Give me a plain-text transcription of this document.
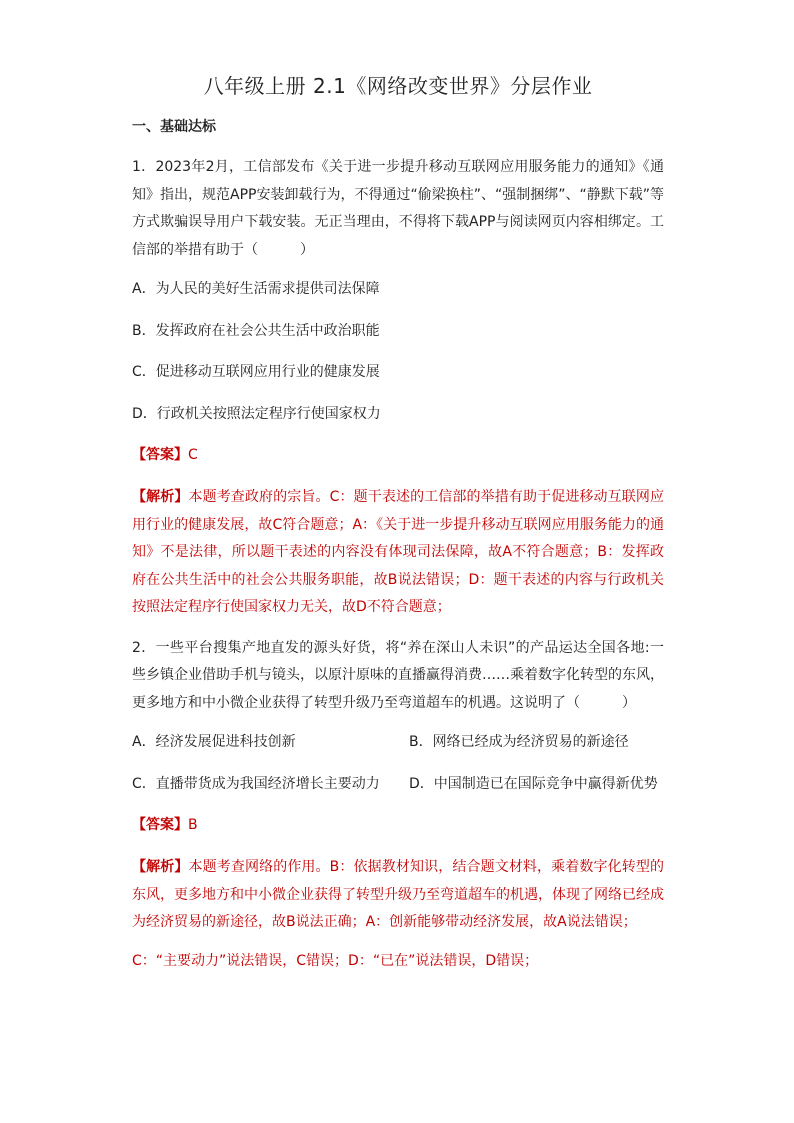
八年级上册 2.1《网络改变世界》分层作业
一、基础达标
1．2023年2月，工信部发布《关于进一步提升移动互联网应用服务能力的通知》《通知》指出，规范APP安装卸载行为，不得通过“偷梁换柱”、“强制捆绑”、“静默下载”等方式欺骗误导用户下载安装。无正当理由，不得将下载APP与阅读网页内容相绑定。工信部的举措有助于（　　　）
A．为人民的美好生活需求提供司法保障
B．发挥政府在社会公共生活中政治职能
C．促进移动互联网应用行业的健康发展
D．行政机关按照法定程序行使国家权力
【答案】C
【解析】本题考查政府的宗旨。C：题干表述的工信部的举措有助于促进移动互联网应用行业的健康发展，故C符合题意；A：《关于进一步提升移动互联网应用服务能力的通知》不是法律，所以题干表述的内容没有体现司法保障，故A不符合题意；B：发挥政府在公共生活中的社会公共服务职能，故B说法错误；D：题干表述的内容与行政机关按照法定程序行使国家权力无关，故D不符合题意；
2．一些平台搜集产地直发的源头好货，将“养在深山人未识”的产品运达全国各地:一些乡镇企业借助手机与镜头，以原汁原味的直播赢得消费……乘着数字化转型的东风，更多地方和中小微企业获得了转型升级乃至弯道超车的机遇。这说明了（　　　）
A．经济发展促进科技创新	B．网络已经成为经济贸易的新途径
C．直播带货成为我国经济增长主要动力	D．中国制造已在国际竞争中赢得新优势
【答案】B
【解析】本题考查网络的作用。B：依据教材知识，结合题文材料，乘着数字化转型的东风，更多地方和中小微企业获得了转型升级乃至弯道超车的机遇，体现了网络已经成为经济贸易的新途径，故B说法正确；A：创新能够带动经济发展，故A说法错误；
C：“主要动力”说法错误，C错误；D：“已在”说法错误，D错误；
